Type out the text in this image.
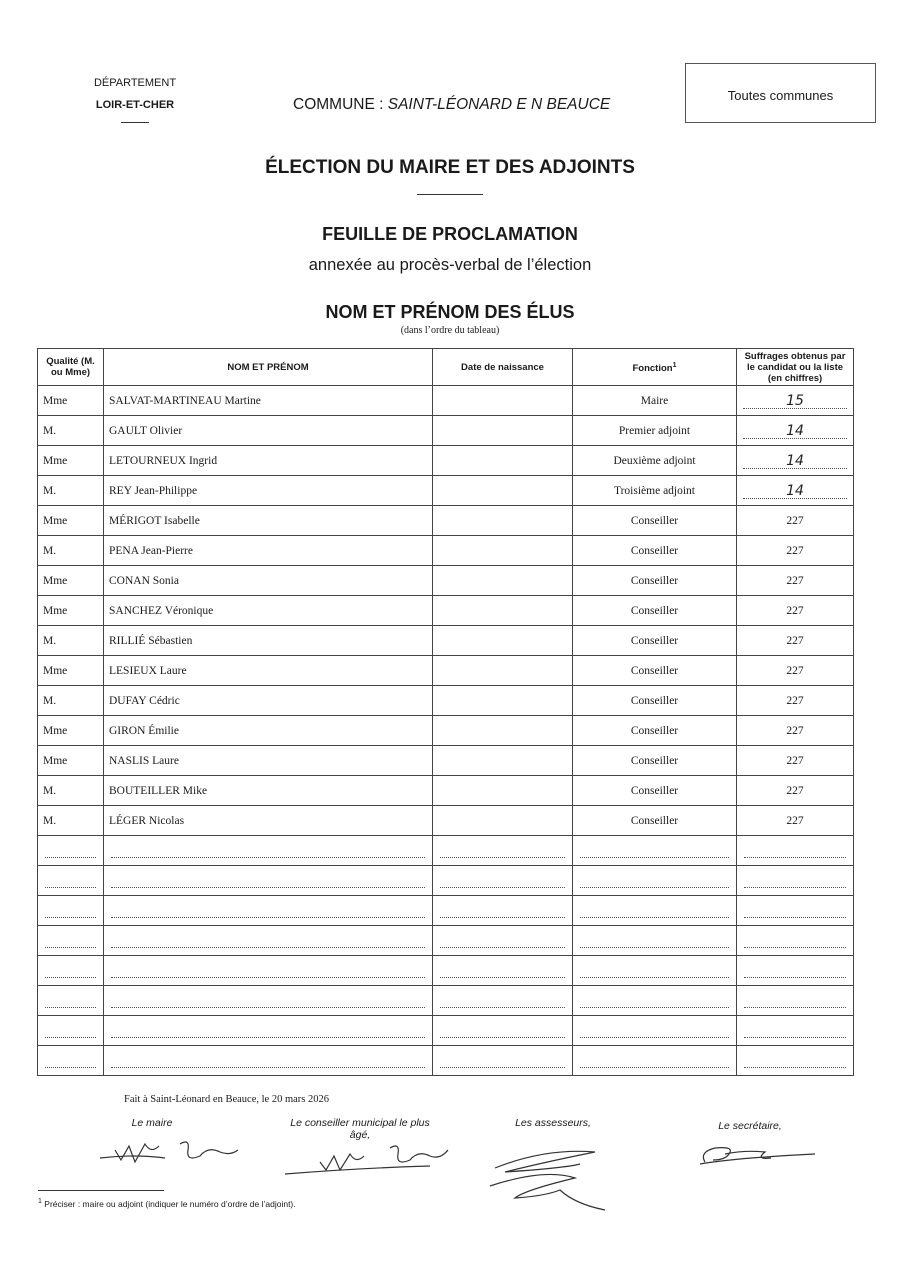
DÉPARTEMENT
LOIR-ET-CHER	COMMUNE : SAINT-LÉONARD E N BEAUCE
Toutes communes
ÉLECTION DU MAIRE ET DES ADJOINTS
FEUILLE DE PROCLAMATION
annexée au procès-verbal de l’élection
NOM ET PRÉNOM DES ÉLUS
(dans l’ordre du tableau)
Qualité (M. ou Mme)	NOM ET PRÉNOM	Date de naissance	Fonction$^1$	Suffrages obtenus par le candidat ou la liste (en chiffres)
Mme	SALVAT-MARTINEAU Martine		Maire	15

M.	GAULT Olivier		Premier adjoint	14

Mme	LETOURNEUX Ingrid		Deuxième adjoint	14

M.	REY Jean-Philippe		Troisième adjoint	14

Mme	MÉRIGOT Isabelle		Conseiller	227
M.	PENA Jean-Pierre		Conseiller	227
Mme	CONAN Sonia		Conseiller	227
Mme	SANCHEZ Véronique		Conseiller	227
M.	RILLIÉ Sébastien		Conseiller	227
Mme	LESIEUX Laure		Conseiller	227
M.	DUFAY Cédric		Conseiller	227
Mme	GIRON Émilie		Conseiller	227
Mme	NASLIS Laure		Conseiller	227
M.	BOUTEILLER Mike		Conseiller	227
M.	LÉGER Nicolas		Conseiller	227

Fait à Saint-Léonard en Beauce, le 20 mars 2026
Le maire	Le conseiller municipal le plus âgé,
Les assesseurs,	Le secrétaire,
$^1$ Préciser : maire ou adjoint (indiquer le numéro d’ordre de l’adjoint).
